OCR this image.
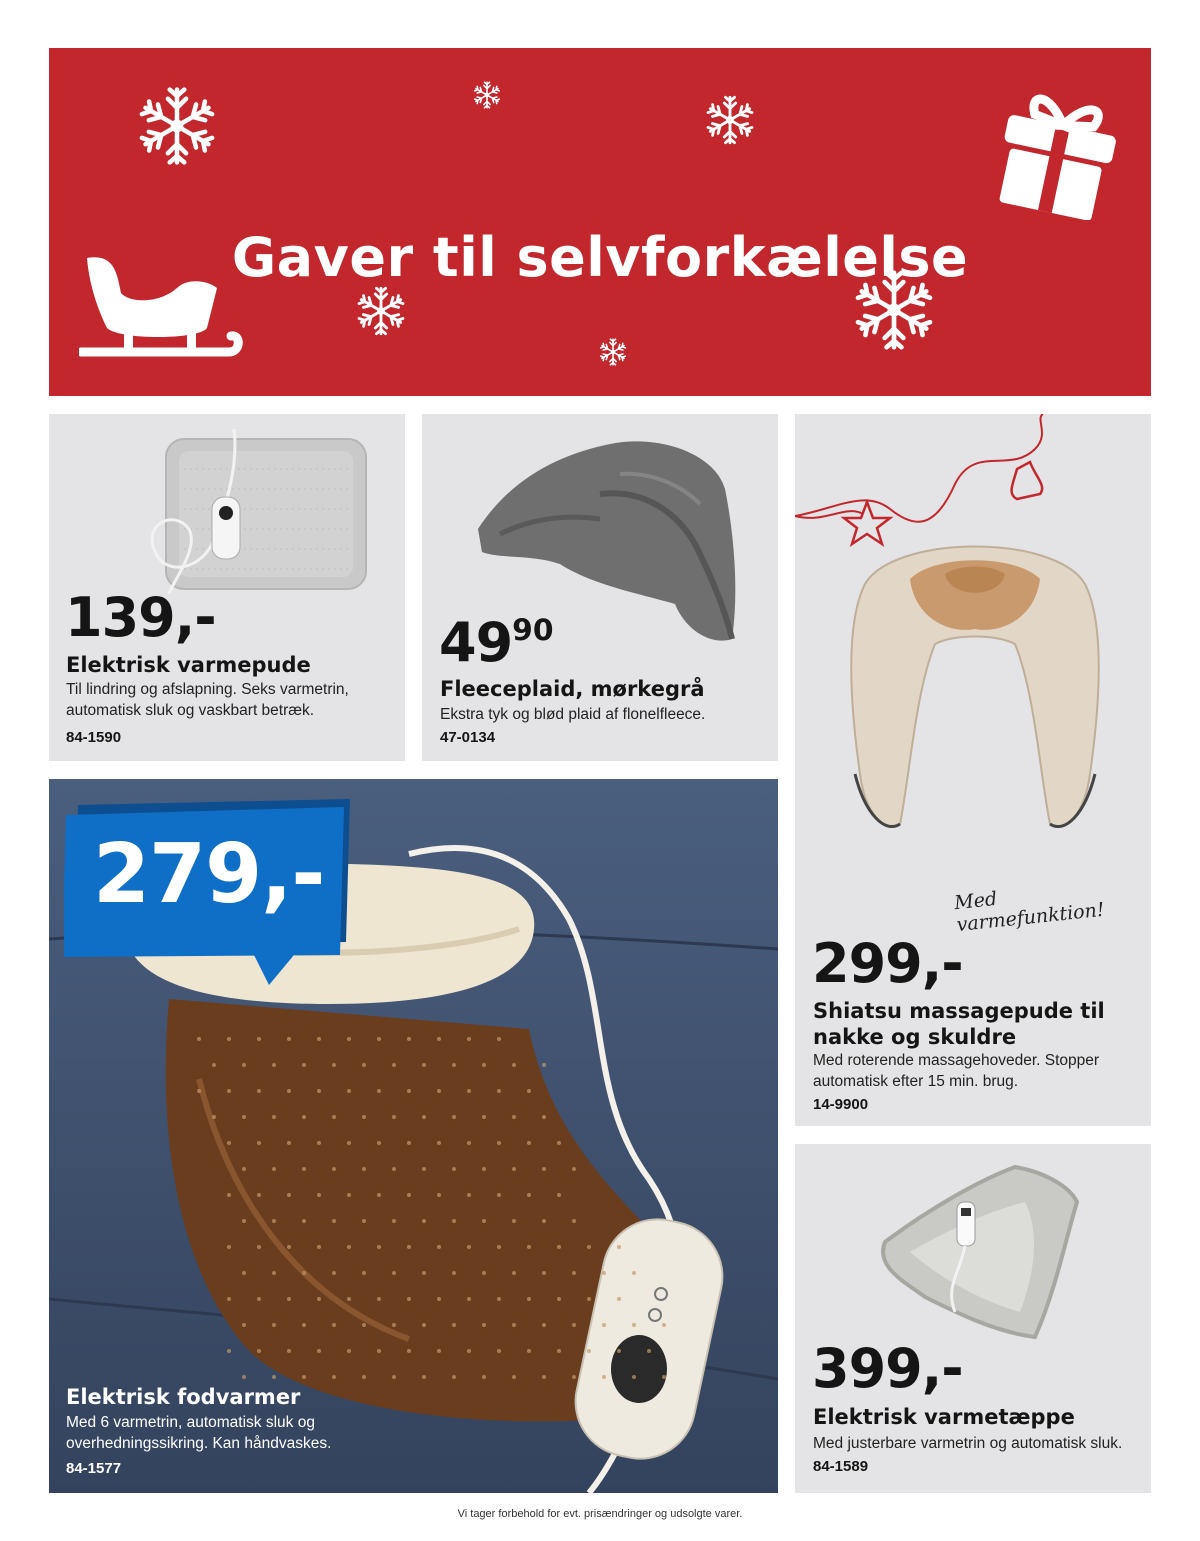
Gaver til selvforkælelse
139,-
Elektrisk varmepude
Til lindring og afslapning. Seks varmetrin,
automatisk sluk og vaskbart betræk.
84-1590
$49^{90}$
Fleeceplaid, mørkegrå
Ekstra tyk og blød plaid af flonelfleece.
47-0134
Med varmefunktion!
299,-
Shiatsu massagepude til
nakke og skuldre
Med roterende massagehoveder. Stopper
automatisk efter 15 min. brug.
14-9900
279,-
Elektrisk fodvarmer
Med 6 varmetrin, automatisk sluk og
overhedningssikring. Kan håndvaskes.
84-1577
399,-
Elektrisk varmetæppe
Med justerbare varmetrin og automatisk sluk.
84-1589
Vi tager forbehold for evt. prisændringer og udsolgte varer.
